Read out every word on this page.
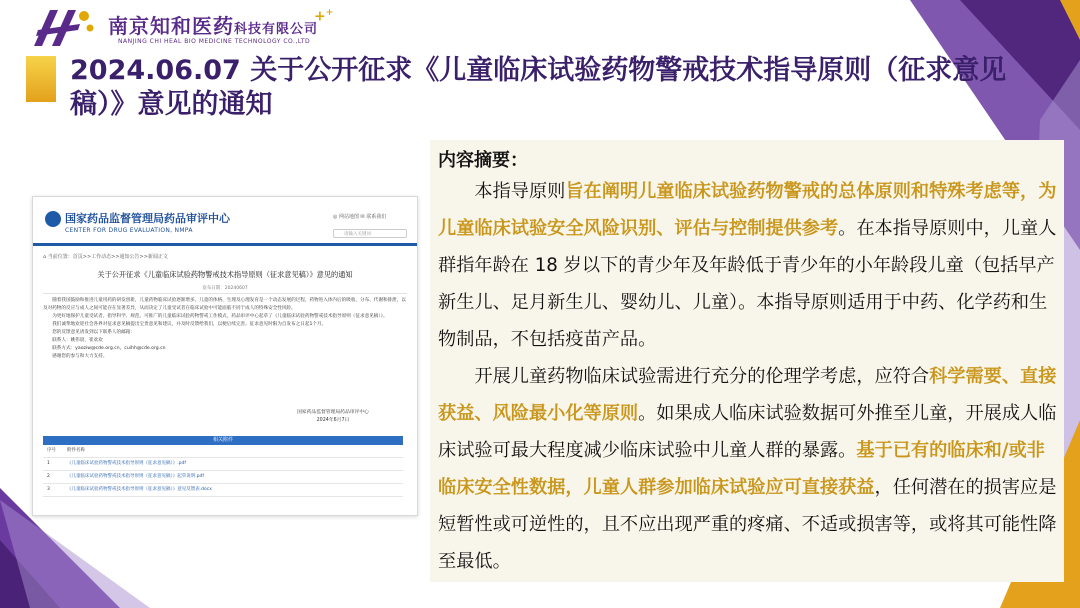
南京知和医药科技有限公司
++
NANJING CHI HEAL BIO MEDICINE TECHNOLOGY CO.,LTD
2024.06.07 关于公开征求《儿童临床试验药物警戒技术指导原则（征求意见稿）》意见的通知
国家药品监督管理局药品审评中心
CENTER FOR DRUG EVALUATION, NMPA
◎ 网站地图 ✉ 联系我们
请输入关键词
⌂ 当前位置：首页>>工作动态>>通知公告>>新闻正文
关于公开征求《儿童临床试验药物警戒技术指导原则（征求意见稿）》意见的通知
发布日期：20240607

随着我国鼓励和推进儿童用药的研发创新，儿童药物临床试验逐渐增多。儿童的体格、生理及心理发育是一个动态发展的过程，药物进入体内后的吸收、分布、代谢和排泄，以及对药物的反应与成人之间可能存在显著差异，从而决定了儿童受试者在临床试验中可能面临不同于成人的特殊安全性风险。

为更好地保护儿童受试者，指导科学、规范、可推广的儿童临床试验药物警戒工作模式，药品审评中心起草了《儿童临床试验药物警戒技术指导原则（征求意见稿）》。

我们诚挚地欢迎社会各界对征求意见稿提出宝贵意见和建议，并及时反馈给我们，以便后续完善。征求意见时限为自发布之日起1个月。

您的反馈意见请发到以下联系人的邮箱：

联系人：姚伟晨，崔欢欢

联系方式：yaoziw@cde.org.cn，cuihh@cde.org.cn

感谢您的参与和大力支持。

国家药品监督管理局药品审评中心
2024年6月7日
相关附件
序号	附件名称
1	《儿童临床试验药物警戒技术指导原则（征求意见稿）》.pdf
2	《儿童临床试验药物警戒技术指导原则（征求意见稿）》起草说明.pdf
3	《儿童临床试验药物警戒技术指导原则（征求意见稿）》意见反馈表.docx
内容摘要：

本指导原则旨在阐明儿童临床试验药物警戒的总体原则和特殊考虑等，为儿童临床试验安全风险识别、评估与控制提供参考。在本指导原则中，儿童人群指年龄在 18 岁以下的青少年及年龄低于青少年的小年龄段儿童（包括早产新生儿、足月新生儿、婴幼儿、儿童）。本指导原则适用于中药、化学药和生物制品，不包括疫苗产品。

开展儿童药物临床试验需进行充分的伦理学考虑，应符合科学需要、直接获益、风险最小化等原则。如果成人临床试验数据可外推至儿童，开展成人临床试验可最大程度减少临床试验中儿童人群的暴露。基于已有的临床和/或非临床安全性数据，儿童人群参加临床试验应可直接获益，任何潜在的损害应是短暂性或可逆性的，且不应出现严重的疼痛、不适或损害等，或将其可能性降至最低。
